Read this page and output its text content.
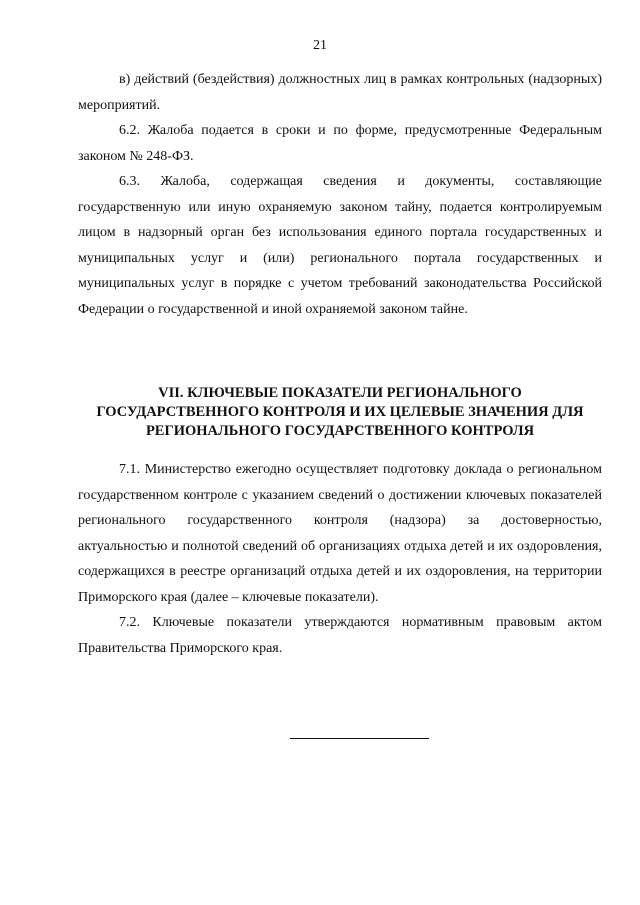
21

в) действий (бездействия) должностных лиц в рамках контрольных (надзорных) мероприятий.

6.2. Жалоба подается в сроки и по форме, предусмотренные Федеральным законом № 248-ФЗ.

6.3. Жалоба, содержащая сведения и документы, составляющие государственную или иную охраняемую законом тайну, подается контролируемым лицом в надзорный орган без использования единого портала государственных и муниципальных услуг и (или) регионального портала государственных и муниципальных услуг в порядке с учетом требований законодательства Российской Федерации о государственной и иной охраняемой законом тайне.

VII. КЛЮЧЕВЫЕ ПОКАЗАТЕЛИ РЕГИОНАЛЬНОГО
ГОСУДАРСТВЕННОГО КОНТРОЛЯ И ИХ ЦЕЛЕВЫЕ ЗНАЧЕНИЯ ДЛЯ
РЕГИОНАЛЬНОГО ГОСУДАРСТВЕННОГО КОНТРОЛЯ

7.1. Министерство ежегодно осуществляет подготовку доклада о региональном государственном контроле с указанием сведений о достижении ключевых показателей регионального государственного контроля (надзора) за достоверностью, актуальностью и полнотой сведений об организациях отдыха детей и их оздоровления, содержащихся в реестре организаций отдыха детей и их оздоровления, на территории Приморского края (далее – ключевые показатели).

7.2. Ключевые показатели утверждаются нормативным правовым актом Правительства Приморского края.
